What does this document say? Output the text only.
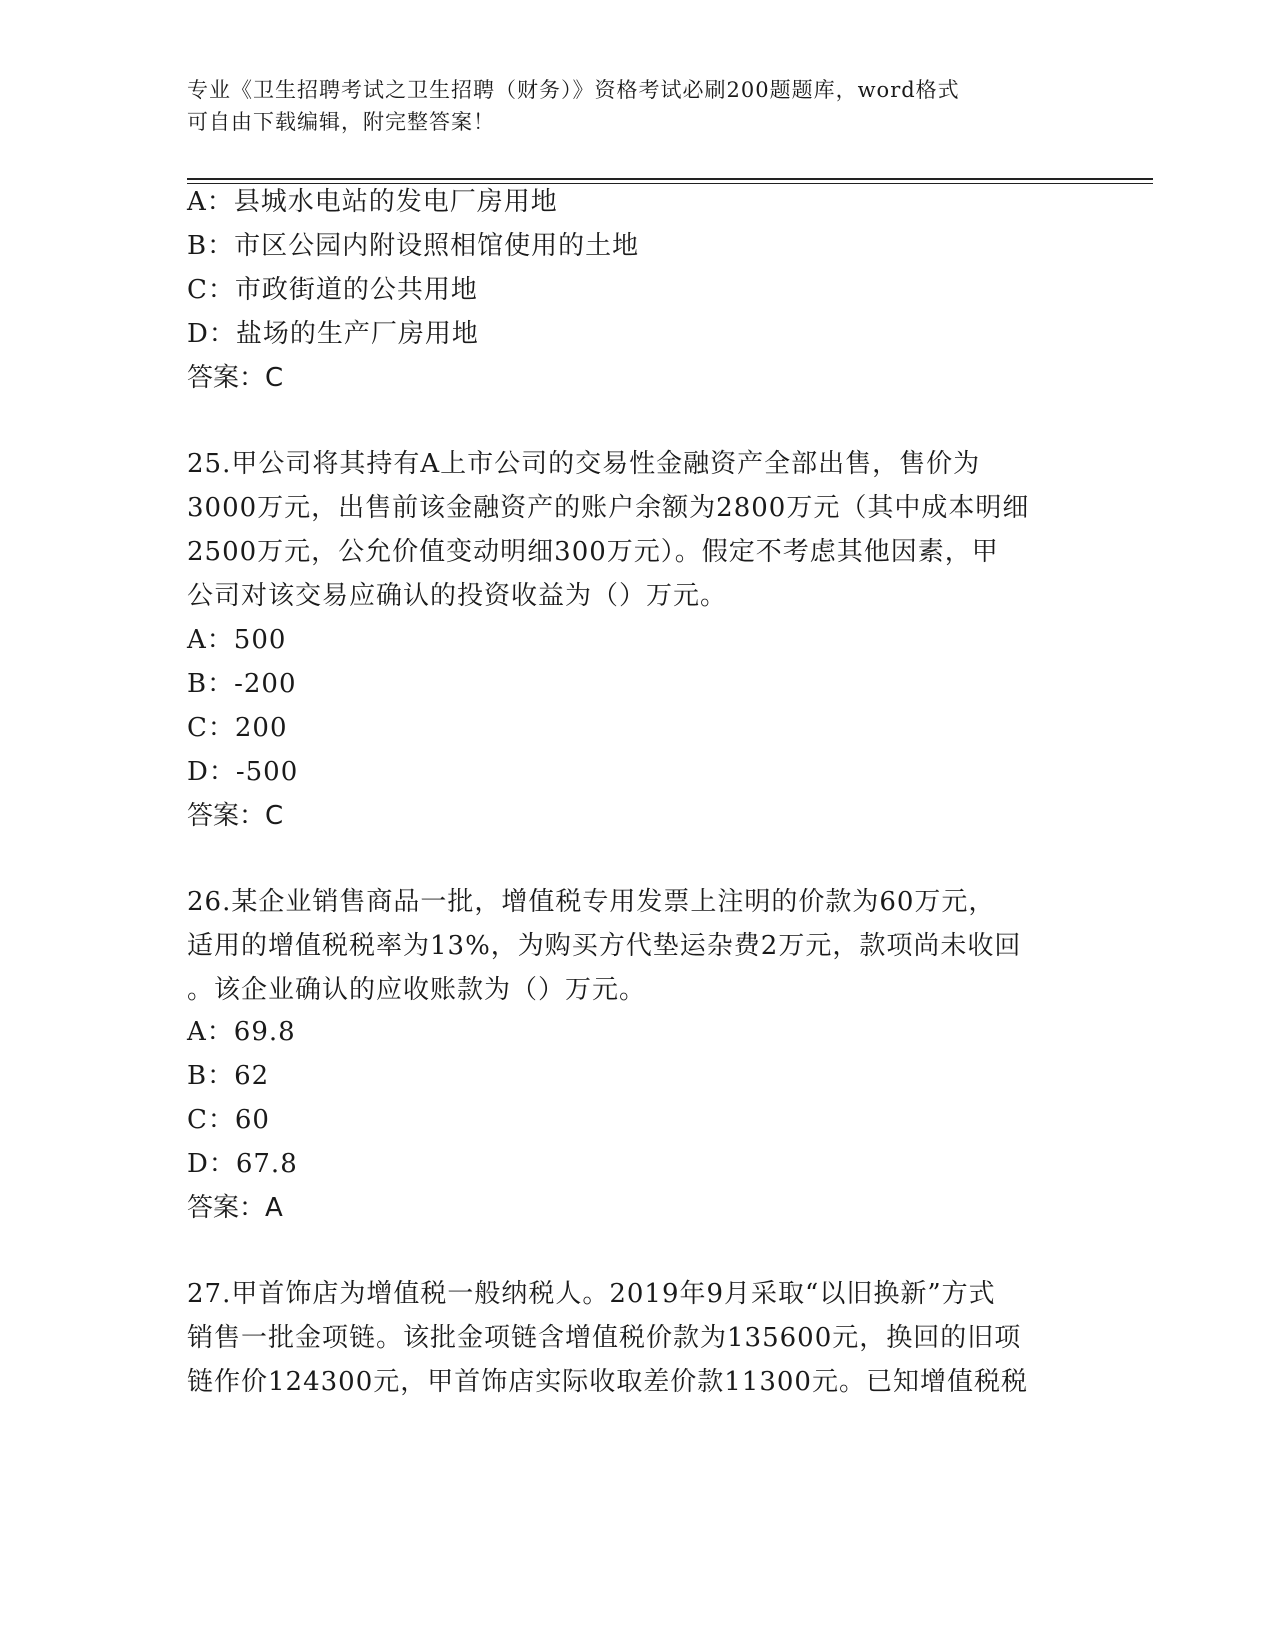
专业《卫生招聘考试之卫生招聘（财务）》资格考试必刷200题题库，word格式
可自由下载编辑，附完整答案！
A：县城水电站的发电厂房用地
B：市区公园内附设照相馆使用的土地
C：市政街道的公共用地
D：盐场的生产厂房用地
答案：C
25.甲公司将其持有A上市公司的交易性金融资产全部出售，售价为
3000万元，出售前该金融资产的账户余额为2800万元（其中成本明细
2500万元，公允价值变动明细300万元）。假定不考虑其他因素，甲
公司对该交易应确认的投资收益为（）万元。
A：500
B：-200
C：200
D：-500
答案：C
26.某企业销售商品一批，增值税专用发票上注明的价款为60万元，
适用的增值税税率为13%，为购买方代垫运杂费2万元，款项尚未收回
。该企业确认的应收账款为（）万元。
A：69.8
B：62
C：60
D：67.8
答案：A
27.甲首饰店为增值税一般纳税人。2019年9月采取“以旧换新”方式
销售一批金项链。该批金项链含增值税价款为135600元，换回的旧项
链作价124300元，甲首饰店实际收取差价款11300元。已知增值税税
